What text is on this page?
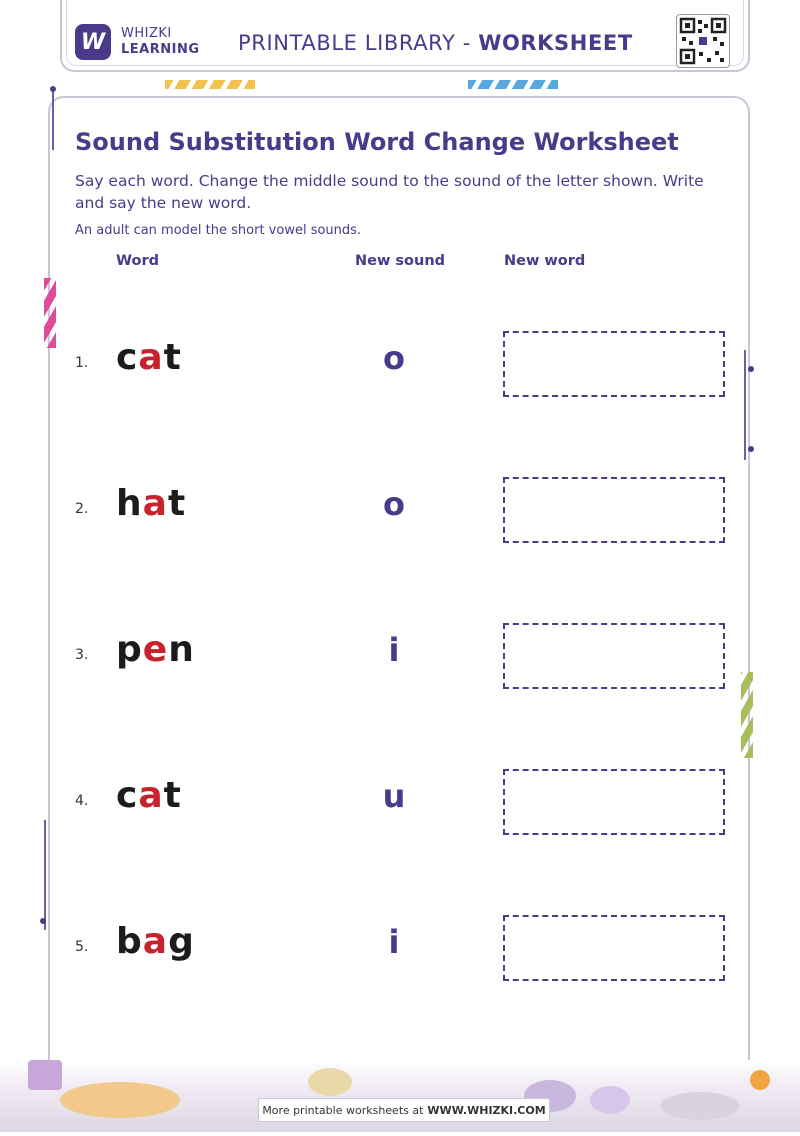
W	WHIZKI
LEARNING PRINTABLE LIBRARY - WORKSHEET
Sound Substitution Word Change Worksheet
Say each word. Change the middle sound to the sound of the letter shown. Write and say the new word.
An adult can model the short vowel sounds.
Word	New sound	New word
1. cat	o
2. hat	o
3. pen	i
4. cat	u
5. bag	i
More printable worksheets at WWW.WHIZKI.COM
